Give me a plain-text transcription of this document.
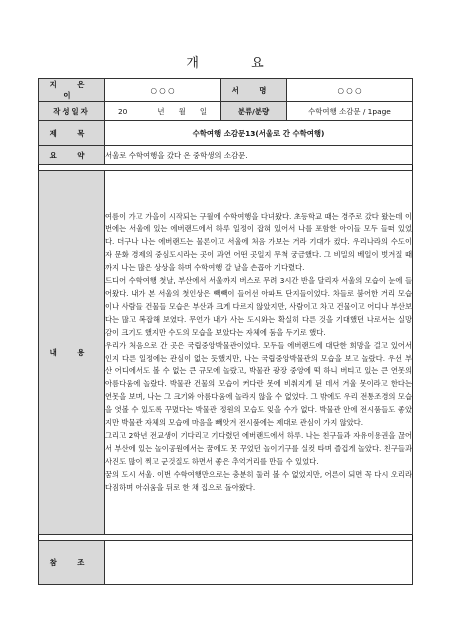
개 요
지 은 이	○ ○ ○	서 명	○ ○ ○
작성일자	20 년 월 일	분류/분량	수학여행 소감문 / 1page
제 목	수학여행 소감문13(서울로 간 수학여행)		
요 약	서울로 수학여행을 갔다 온 중학생의 소감문.		

내 용	여름이 가고 가을이 시작되는 구월에 수학여행을 다녀왔다. 초등학교 때는 경주로 갔다 왔는데 이번에는 서울에 있는 에버랜드에서 하루 일정이 잡혀 있어서 나를 포함한 아이들 모두 들떠 있었다. 더구나 나는 에버랜드는 물론이고 서울에 처음 가보는 거라 기대가 컸다. 우리나라의 수도이자 문화 경제의 중심도시라는 곳이 과연 어떤 곳일지 무척 궁금했다. 그 비밀의 베일이 벗겨질 때까지 나는 많은 상상을 하며 수학여행 갈 날을 손꼽아 기다렸다.

드디어 수학여행 첫날, 부산에서 서울까지 버스로 무려 3시간 반을 달리자 서울의 모습이 눈에 들어왔다. 내가 본 서울의 첫인상은 빽빽이 들어선 아파트 단지들이었다. 차들로 붐어한 거리 모습이나 사람들 건물들 모습은 부산과 크게 다르지 않았지만, 사람이고 차고 건물이고 어디나 부산보다는 많고 복잡해 보였다. 무언가 내가 사는 도시와는 확실히 다른 것을 기대했던 나로서는 실망감이 크기도 했지만 수도의 모습을 보았다는 자체에 둠을 두기로 했다.

우리가 처음으로 간 곳은 국립중앙박물관이었다. 모두들 에버랜드에 대단한 희망을 걸고 있어서 인지 다른 일정에는 관심이 없는 듯했지만, 나는 국립중앙박물관의 모습을 보고 놀랐다. 우선 부산 어디에서도 볼 수 없는 큰 규모에 놀랐고, 박물관 광장 중앙에 떡 하니 버티고 있는 큰 연못의 아름다움에 놀랐다. 박물관 건물의 모습이 커다란 못에 비춰지게 된 데서 거울 못이라고 한다는 연못을 보며, 나는 그 크기와 아름다움에 놀라지 않을 수 없었다. 그 밖에도 우리 전통조경의 모습을 엿볼 수 있도록 꾸몄다는 박물관 정원의 모습도 잊을 수가 없다. 박물관 안에 전시품들도 좋았지만 박물관 자체의 모습에 마음을 빼앗겨 전시품에는 제대로 관심이 가지 않았다.

그리고 2학년 전교생이 기다리고 기다렸던 에버랜드에서 하루. 나는 친구들과 자유이용권을 끊어서 부산에 있는 놀이공원에서는 꿈에도 못 꾸었던 놀이기구를 실컷 타며 즐겁게 놀았다. 친구들과 사진도 많이 찍고 군것질도 하면서 좋은 추억거리를 만들 수 있었다.

꿈의 도시 서울. 이번 수학여행만으로는 충분히 둘러 볼 수 없었지만, 어른이 되면 꼭 다시 오리라 다짐하며 아쉬움을 뒤로 한 채 집으로 돌아왔다.		

참 조			
